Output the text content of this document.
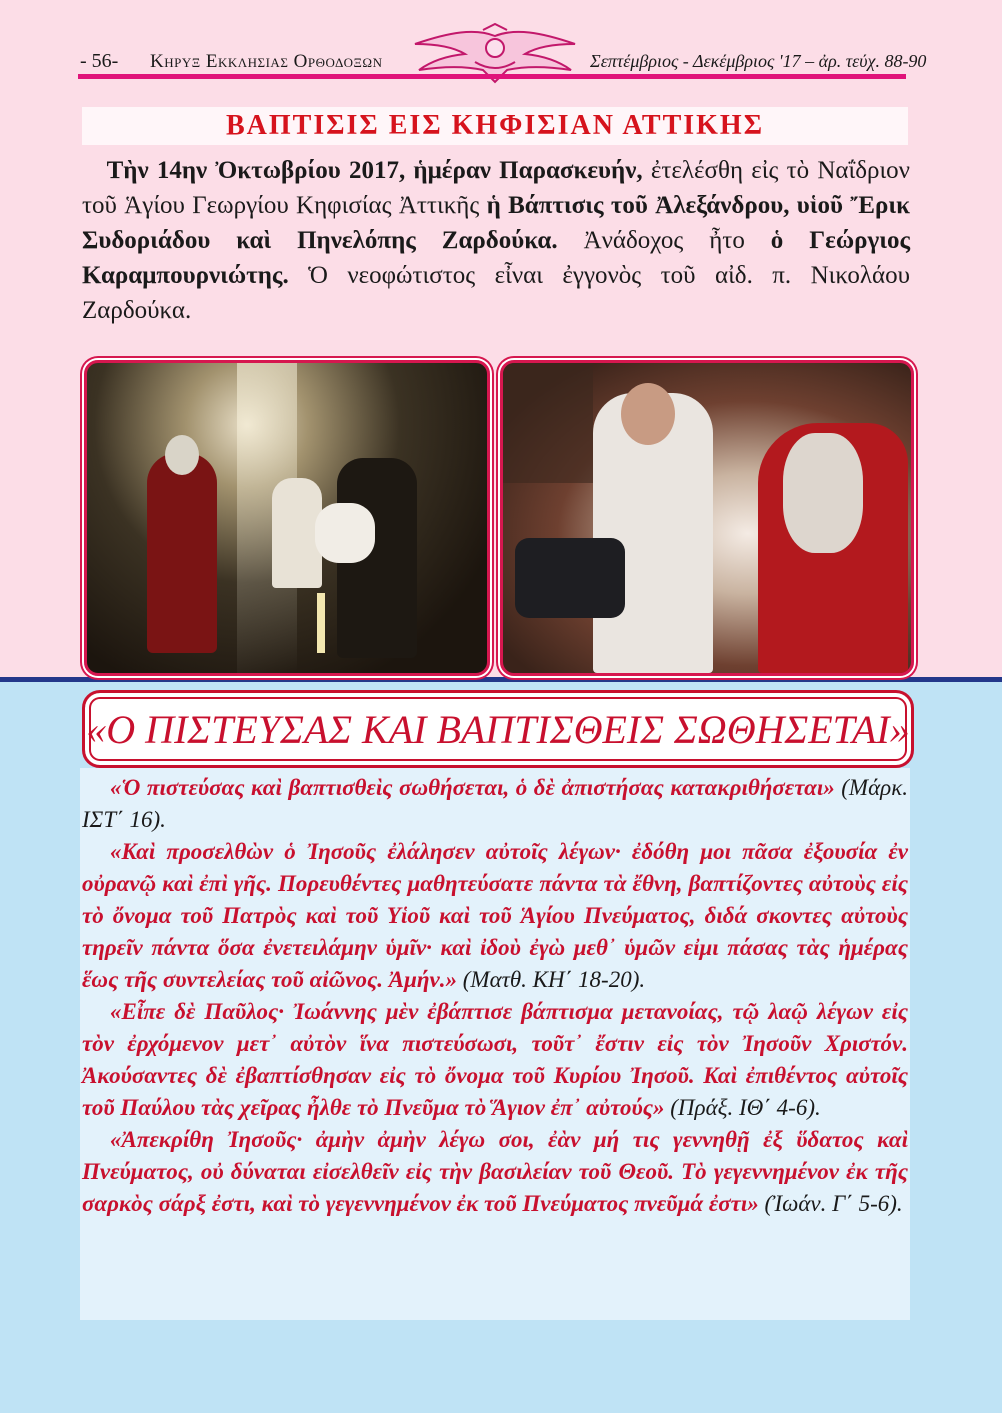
- 56- Κηρυξ Εκκλησιας Ορθοδοξων	Σεπτέμβριος - Δεκέμβριος '17 – ἀρ. τεύχ. 88-90
ΒΑΠΤΙΣΙΣ ΕΙΣ ΚΗΦΙΣΙΑΝ ΑΤΤΙΚΗΣ
Τὴν 14ην Ὀκτωβρίου 2017, ἡμέραν Παρασκευήν, ἐτελέσθη εἰς τὸ Ναΐδριον τοῦ Ἁγίου Γεωργίου Κηφισίας Ἀττικῆς ἡ Βάπτισις τοῦ Ἀλεξάνδρου, υἱοῦ Ἔρικ Συδοριάδου καὶ Πηνελόπης Ζαρδούκα. Ἀνάδοχος ἦτο ὁ Γεώργιος Καραμπουρνιώτης. Ὁ νεοφώτιστος εἶναι ἐγγονὸς τοῦ αἰδ. π. Νικολάου Ζαρδούκα.
«Ο ΠΙΣΤΕΥΣΑΣ ΚΑΙ ΒΑΠΤΙΣΘΕΙΣ ΣΩΘΗΣΕΤΑΙ»

«Ὁ πιστεύσας καὶ βαπτισθεὶς σωθήσεται, ὁ δὲ ἀπιστήσας κατακριθήσεται» (Μάρκ. ΙΣΤ΄ 16).

«Καὶ προσελθὼν ὁ Ἰησοῦς ἐλάλησεν αὐτοῖς λέγων· ἐδόθη μοι πᾶσα ἐξουσία ἐν οὐρανῷ καὶ ἐπὶ γῆς. Πορευθέντες μαθητεύσατε πάντα τὰ ἔθνη, βαπτίζοντες αὐτοὺς εἰς τὸ ὄνομα τοῦ Πατρὸς καὶ τοῦ Υἱοῦ καὶ τοῦ Ἁγίου Πνεύματος, διδά σκοντες αὐτοὺς τηρεῖν πάντα ὅσα ἐνετειλάμην ὑμῖν· καὶ ἰδοὺ ἐγὼ μεθ᾿ ὑμῶν εἰμι πάσας τὰς ἡμέρας ἕως τῆς συντελείας τοῦ αἰῶνος. Ἀμήν.» (Ματθ. ΚΗ΄ 18-20).

«Εἶπε δὲ Παῦλος· Ἰωάννης μὲν ἐβάπτισε βάπτισμα μετανοίας, τῷ λαῷ λέγων εἰς τὸν ἐρχόμενον μετ᾿ αὐτὸν ἵνα πιστεύσωσι, τοῦτ᾿ ἔστιν εἰς τὸν Ἰησοῦν Χριστόν. Ἀκούσαντες δὲ ἐβαπτίσθησαν εἰς τὸ ὄνομα τοῦ Κυρίου Ἰησοῦ. Καὶ ἐπιθέντος αὐτοῖς τοῦ Παύλου τὰς χεῖρας ἦλθε τὸ Πνεῦμα τὸ Ἅγιον ἐπ᾿ αὐτούς» (Πράξ. ΙΘ΄ 4-6).

«Ἀπεκρίθη Ἰησοῦς· ἀμὴν ἀμὴν λέγω σοι, ἐὰν μή τις γεννηθῇ ἐξ ὕδατος καὶ Πνεύματος, οὐ δύναται εἰσελθεῖν εἰς τὴν βασιλείαν τοῦ Θεοῦ. Τὸ γεγεννημένον ἐκ τῆς σαρκὸς σάρξ ἐστι, καὶ τὸ γεγεννημένον ἐκ τοῦ Πνεύματος πνεῦμά ἐστι» (Ἰωάν. Γ΄ 5-6).
